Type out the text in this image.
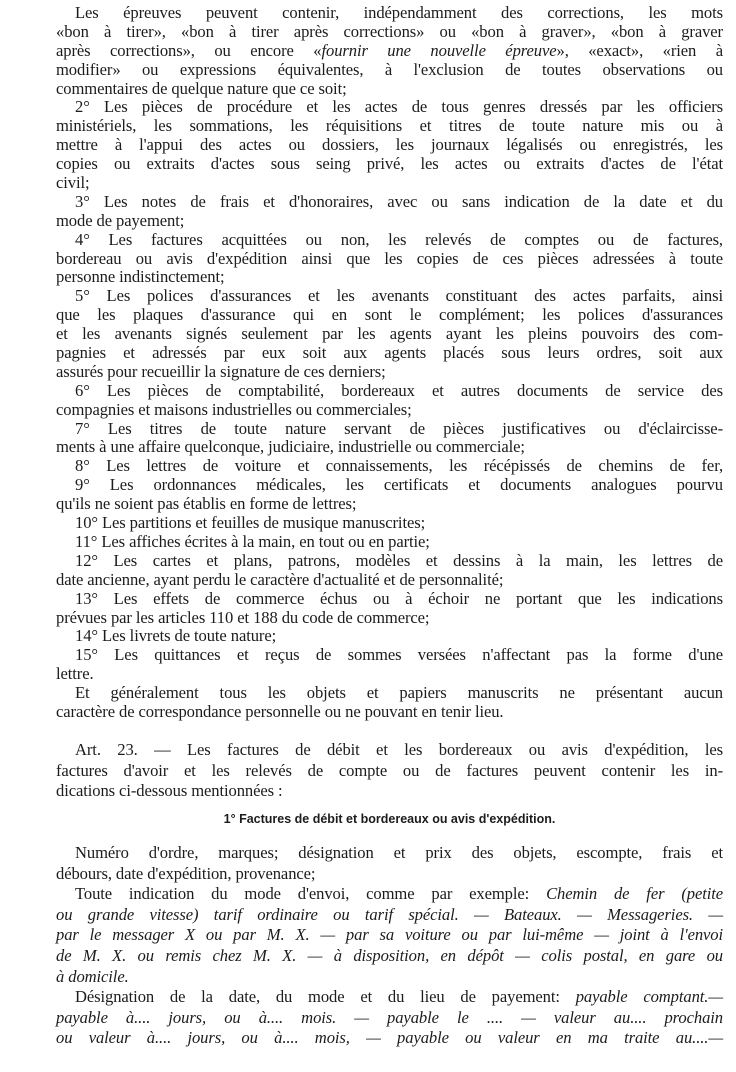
Les épreuves peuvent contenir, indépendamment des corrections, les mots
«bon à tirer», «bon à tirer après corrections» ou «bon à graver», «bon à graver
après corrections», ou encore «fournir une nouvelle épreuve», «exact», «rien à
modifier» ou expressions équivalentes, à l'exclusion de toutes observations ou
commentaires de quelque nature que ce soit;
2° Les pièces de procédure et les actes de tous genres dressés par les officiers
ministériels, les sommations, les réquisitions et titres de toute nature mis ou à
mettre à l'appui des actes ou dossiers, les journaux légalisés ou enregistrés, les
copies ou extraits d'actes sous seing privé, les actes ou extraits d'actes de l'état
civil;
3° Les notes de frais et d'honoraires, avec ou sans indication de la date et du
mode de payement;
4° Les factures acquittées ou non, les relevés de comptes ou de factures,
bordereau ou avis d'expédition ainsi que les copies de ces pièces adressées à toute
personne indistinctement;
5° Les polices d'assurances et les avenants constituant des actes parfaits, ainsi
que les plaques d'assurance qui en sont le complément; les polices d'assurances
et les avenants signés seulement par les agents ayant les pleins pouvoirs des com-
pagnies et adressés par eux soit aux agents placés sous leurs ordres, soit aux
assurés pour recueillir la signature de ces derniers;
6° Les pièces de comptabilité, bordereaux et autres documents de service des
compagnies et maisons industrielles ou commerciales;
7° Les titres de toute nature servant de pièces justificatives ou d'éclaircisse-
ments à une affaire quelconque, judiciaire, industrielle ou commerciale;
8° Les lettres de voiture et connaissements, les récépissés de chemins de fer,
9° Les ordonnances médicales, les certificats et documents analogues pourvu
qu'ils ne soient pas établis en forme de lettres;
10° Les partitions et feuilles de musique manuscrites;
11° Les affiches écrites à la main, en tout ou en partie;
12° Les cartes et plans, patrons, modèles et dessins à la main, les lettres de
date ancienne, ayant perdu le caractère d'actualité et de personnalité;
13° Les effets de commerce échus ou à échoir ne portant que les indications
prévues par les articles 110 et 188 du code de commerce;
14° Les livrets de toute nature;
15° Les quittances et reçus de sommes versées n'affectant pas la forme d'une
lettre.
Et généralement tous les objets et papiers manuscrits ne présentant aucun
caractère de correspondance personnelle ou ne pouvant en tenir lieu.
Art. 23. — Les factures de débit et les bordereaux ou avis d'expédition, les
factures d'avoir et les relevés de compte ou de factures peuvent contenir les in-
dications ci-dessous mentionnées :
1° Factures de débit et bordereaux ou avis d'expédition.
Numéro d'ordre, marques; désignation et prix des objets, escompte, frais et
débours, date d'expédition, provenance;
Toute indication du mode d'envoi, comme par exemple: Chemin de fer (petite
ou grande vitesse) tarif ordinaire ou tarif spécial. — Bateaux. — Messageries. —
par le messager X ou par M. X. — par sa voiture ou par lui-même — joint à l'envoi
de M. X. ou remis chez M. X. — à disposition, en dépôt — colis postal, en gare ou
à domicile.
Désignation de la date, du mode et du lieu de payement: payable comptant.—
payable à.... jours, ou à.... mois. — payable le .... — valeur au.... prochain
ou valeur à.... jours, ou à.... mois, — payable ou valeur en ma traite au....—
